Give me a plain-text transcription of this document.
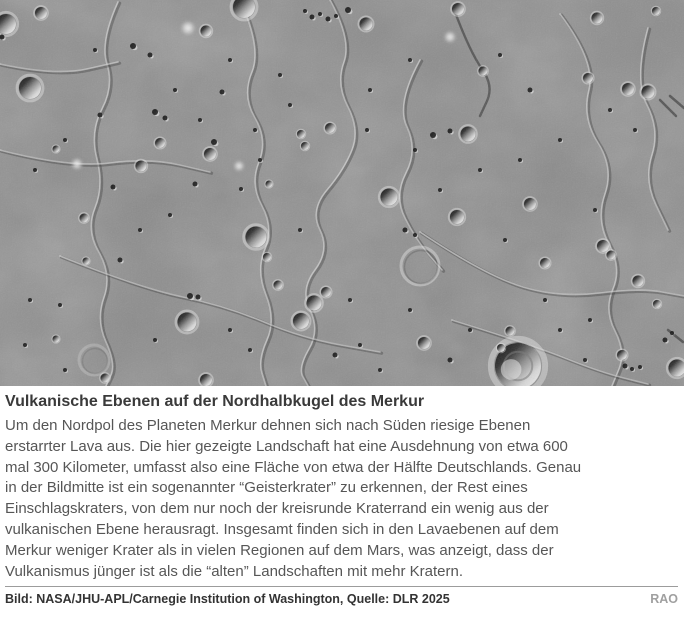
Vulkanische Ebenen auf der Nordhalbkugel des Merkur
Um den Nordpol des Planeten Merkur dehnen sich nach Süden riesige Ebenen
erstarrter Lava aus. Die hier gezeigte Landschaft hat eine Ausdehnung von etwa 600
mal 300 Kilometer, umfasst also eine Fläche von etwa der Hälfte Deutschlands. Genau
in der Bildmitte ist ein sogenannter “Geisterkrater” zu erkennen, der Rest eines
Einschlagskraters, von dem nur noch der kreisrunde Kraterrand ein wenig aus der
vulkanischen Ebene herausragt. Insgesamt finden sich in den Lavaebenen auf dem
Merkur weniger Krater als in vielen Regionen auf dem Mars, was anzeigt, dass der
Vulkanismus jünger ist als die “alten” Landschaften mit mehr Kratern.
Bild: NASA/JHU-APL/Carnegie Institution of Washington, Quelle: DLR 2025	RAO
